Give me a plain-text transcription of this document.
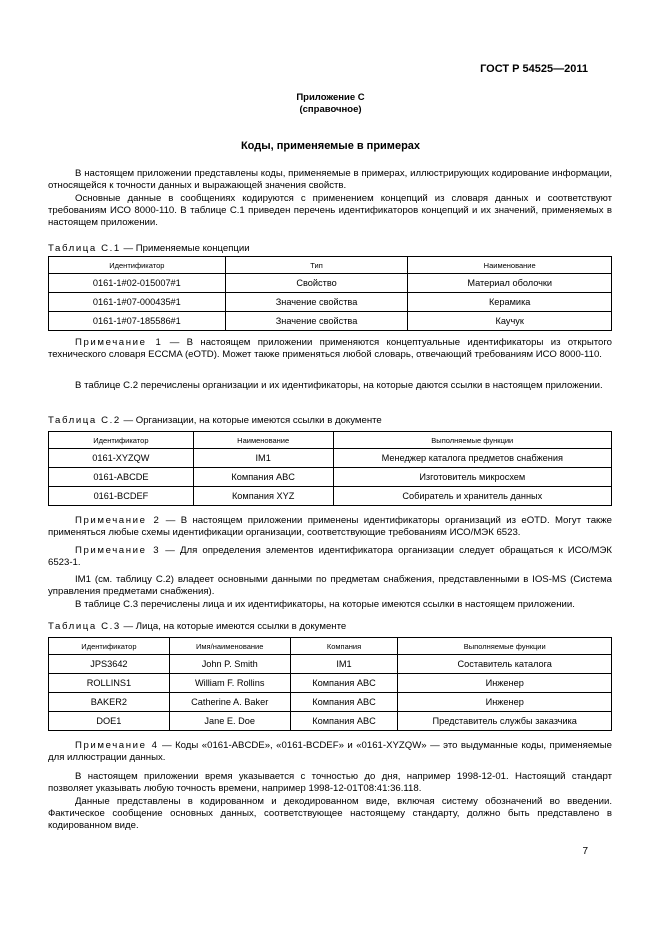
ГОСТ Р 54525—2011
Приложение С
(справочное)
Коды, применяемые в примерах
В настоящем приложении представлены коды, применяемые в примерах, иллюстрирующих кодирование информации, относящейся к точности данных и выражающей значения свойств.
Основные данные в сообщениях кодируются с применением концепций из словаря данных и соответствуют требованиям ИСО 8000-110. В таблице С.1 приведен перечень идентификаторов концепций и их значений, применяемых в настоящем приложении.
Таблица С.1 — Применяемые концепции
Идентификатор	Тип	Наименование
0161-1#02-015007#1	Свойство	Материал оболочки
0161-1#07-000435#1	Значение свойства	Керамика
0161-1#07-185586#1	Значение свойства	Каучук
Примечание 1 — В настоящем приложении применяются концептуальные идентификаторы из открытого технического словаря ECCMA (eOTD). Может также применяться любой словарь, отвечающий требованиям ИСО 8000-110.
В таблице С.2 перечислены организации и их идентификаторы, на которые даются ссылки в настоящем приложении.
Таблица С.2 — Организации, на которые имеются ссылки в документе
Идентификатор	Наименование	Выполняемые функции
0161-XYZQW	IM1	Менеджер каталога предметов снабжения
0161-ABCDE	Компания ABC	Изготовитель микросхем
0161-BCDEF	Компания XYZ	Собиратель и хранитель данных
Примечание 2 — В настоящем приложении применены идентификаторы организаций из eOTD. Могут также применяться любые схемы идентификации организации, соответствующие требованиям ИСО/МЭК 6523.
Примечание 3 — Для определения элементов идентификатора организации следует обращаться к ИСО/МЭК 6523-1.
IM1 (см. таблицу С.2) владеет основными данными по предметам снабжения, представленными в IOS-MS (Система управления предметами снабжения).
В таблице С.3 перечислены лица и их идентификаторы, на которые имеются ссылки в настоящем приложении.
Таблица С.3 — Лица, на которые имеются ссылки в документе
Идентификатор	Имя/наименование	Компания	Выполняемые функции
JPS3642	John P. Smith	IM1	Составитель каталога
ROLLINS1	William F. Rollins	Компания ABC	Инженер
BAKER2	Catherine A. Baker	Компания ABC	Инженер
DOE1	Jane E. Doe	Компания ABC	Представитель службы заказчика
Примечание 4 — Коды «0161-ABCDE», «0161-BCDEF» и «0161-XYZQW» — это выдуманные коды, применяемые для иллюстрации данных.
В настоящем приложении время указывается с точностью до дня, например 1998-12-01. Настоящий стандарт позволяет указывать любую точность времени, например 1998-12-01T08:41:36.118.
Данные представлены в кодированном и декодированном виде, включая систему обозначений во введении. Фактическое сообщение основных данных, соответствующее настоящему стандарту, должно быть представлено в кодированном виде.
7
